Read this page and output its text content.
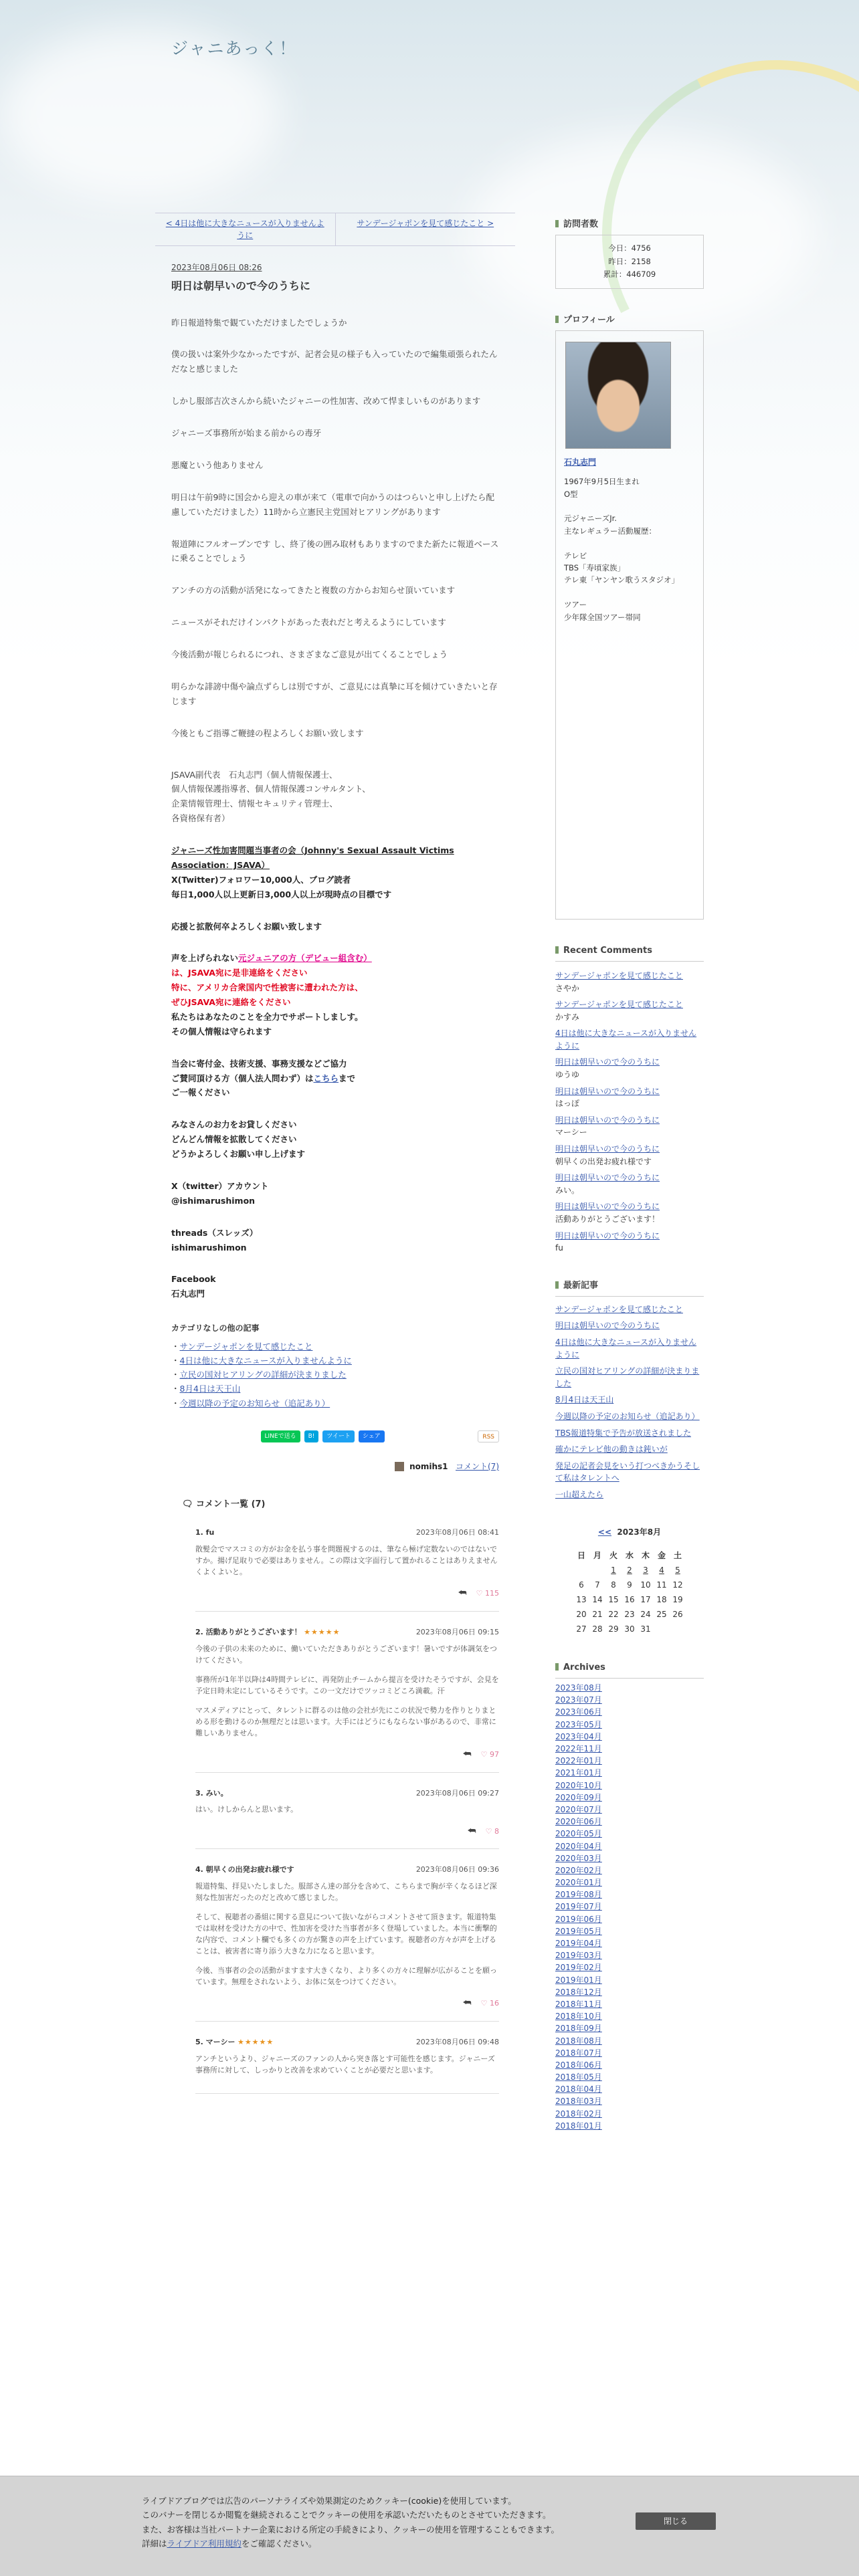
ジャニあっく！
< 4日は他に大きなニュースが入りませんように
サンデージャポンを見て感じたこと >
2023年08月06日 08:26
明日は朝早いので今のうちに

昨日報道特集で観ていただけましたでしょうか

僕の扱いは案外少なかったですが、記者会見の様子も入っていたので編集頑張られたんだなと感じました

しかし服部吉次さんから続いたジャニーの性加害、改めて悍ましいものがあります

ジャニーズ事務所が始まる前からの毒牙

悪魔という他ありません

明日は午前9時に国会から迎えの車が来て（電車で向かうのはつらいと申し上げたら配慮していただけました）11時から立憲民主党国対ヒアリングがあります

報道陣にフルオープンです し、終了後の囲み取材もありますのでまた新たに報道ベースに乗ることでしょう

アンチの方の活動が活発になってきたと複数の方からお知らせ頂いています

ニュースがそれだけインパクトがあった表れだと考えるようにしています

今後活動が報じられるにつれ、さまざまなご意見が出てくることでしょう

明らかな誹謗中傷や論点ずらしは別ですが、ご意見には真摯に耳を傾けていきたいと存じます

今後ともご指導ご鞭撻の程よろしくお願い致します

JSAVA副代表　石丸志門（個人情報保護士、
個人情報保護指導者、個人情報保護コンサルタント、
企業情報管理士、情報セキュリティ管理士、
各資格保有者）

ジャニーズ性加害問題当事者の会（Johnny's Sexual Assault Victims Association：JSAVA）
X(Twitter)フォロワー10,000人、ブログ読者
毎日1,000人以上更新日3,000人以上が現時点の目標です

応援と拡散何卒よろしくお願い致します

声を上げられない元ジュニアの方（デビュー組含む）
は、JSAVA宛に是非連絡をください
特に、アメリカ合衆国内で性被害に遭われた方は、
ぜひJSAVA宛に連絡をください
私たちはあなたのことを全力でサポートしましす。
その個人情報は守られます

当会に寄付金、技術支援、事務支援などご協力
ご賛同頂ける方（個人法人問わず）はこちらまで
ご一報ください

みなさんのお力をお貸しください
どんどん情報を拡散してください
どうかよろしくお願い申し上げます

X（twitter）アカウント
@ishimarushimon

threads（スレッズ）
ishimarushimon

Facebook
石丸志門

カテゴリなしの他の記事
・ サンデージャポンを見て感じたこと
・ 4日は他に大きなニュースが入りませんように
・ 立民の国対ヒアリングの詳細が決まりました
・ 8月4日は天王山
・ 今週以降の予定のお知らせ（追記あり）
LINEで送る	B!	ツイート	シェア	RSS
nomihs1 コメント(7)
🗨 コメント一覧 (7)
1. fu	2023年08月06日 08:41

散髪会でマスコミの方がお金を払う事を問題視するのは、筆なら極げ定数ないのではないですか。揚げ足取りで必要はありません。この際は文字面行して置かれることはありえませんくよくよいと。

⮪ ♡ 115
2. 活動ありがとうございます！ ★★★★★	2023年08月06日 09:15

今後の子供の未来のために、働いていただきありがとうございます！暑いですが体調気をつけてください。

事務所が1年半以降は4時間テレビに、再発防止チームから提言を受けたそうですが、会見を予定日時未定にしているそうです。この一文だけでツッコミどころ満載。汗

マスメディアにとって、タレントに群るのは他の会社が先にこの状況で勢力を作りとりまとめる形を動けるのか無理だとは思います。大手にはどうにもならない事があるので、非常に難しいありません。

⮪ ♡ 97
3. みい。	2023年08月06日 09:27

はい。けしからんと思います。

⮪ ♡ 8
4. 朝早くの出発お疲れ様です	2023年08月06日 09:36

報道特集、拝見いたしました。服部さん達の部分を含めて、こちらまで胸が辛くなるほど深刻な性加害だったのだと改めて感じました。

そして、視聴者の番組に関する意見について抜いながらコメントさせて頂きます。報道特集では取材を受けた方の中で、性加害を受けた当事者が多く登場していました。本当に衝撃的な内容で、コメント欄でも多くの方が驚きの声を上げています。視聴者の方々が声を上げることは、被害者に寄り添う大きな力になると思います。

今後、当事者の会の活動がますます大きくなり、より多くの方々に理解が広がることを願っています。無理をされないよう、お体に気をつけてください。

⮪ ♡ 16
5. マーシー ★★★★★	2023年08月06日 09:48

アンチというより、ジャニーズのファンの人から突き落とす可能性を感じます。ジャニーズ事務所に対して、しっかりと改善を求めていくことが必要だと思います。

訪問者数
今日：4756
昨日：2158
累計：446709
プロフィール
石丸志門
1967年9月5日生まれ
O型

元ジャニーズJr.
主なレギュラー活動履歴：

テレビ
TBS「寿頃家族」
テレ東「ヤンヤン歌うスタジオ」

ツアー
少年隊全国ツアー帯同
Recent Comments
サンデージャポンを見て感じたこと
さやか
サンデージャポンを見て感じたこと
かすみ
4日は他に大きなニュースが入りませんように

明日は朝早いので今のうちに
ゆうゆ
明日は朝早いので今のうちに
はっぽ
明日は朝早いので今のうちに
マーシー
明日は朝早いので今のうちに
朝早くの出発お疲れ様です
明日は朝早いので今のうちに
みい。
明日は朝早いので今のうちに
活動ありがとうございます！
明日は朝早いので今のうちに
fu
最新記事
サンデージャポンを見て感じたこと
明日は朝早いので今のうちに
4日は他に大きなニュースが入りませんように
立民の国対ヒアリングの詳細が決まりました
8月4日は天王山
今週以降の予定のお知らせ（追記あり）
TBS報道特集で予告が放送されました
確かにテレビ他の動きは鈍いが
発足の記者会見をいう打つべきかうそして私はタレントへ
一山超えたら
<< 2023年8月
日	月	火	水	木	金	土
		1	2	3	4	5
6	7	8	9	10	11	12
13	14	15	16	17	18	19
20	21	22	23	24	25	26
27	28	29	30	31		
Archives
2023年08月
2023年07月
2023年06月
2023年05月
2023年04月
2022年11月
2022年01月
2021年01月
2020年10月
2020年09月
2020年07月
2020年06月
2020年05月
2020年04月
2020年03月
2020年02月
2020年01月
2019年08月
2019年07月
2019年06月
2019年05月
2019年04月
2019年03月
2019年02月
2019年01月
2018年12月
2018年11月
2018年10月
2018年09月
2018年08月
2018年07月
2018年06月
2018年05月
2018年04月
2018年03月
2018年02月
2018年01月
ライブドアブログでは広告のパーソナライズや効果測定のためクッキー(cookie)を使用しています。
このバナーを閉じるか閲覧を継続されることでクッキーの使用を承認いただいたものとさせていただきます。
また、お客様は当社パートナー企業における所定の手続きにより、クッキーの使用を管理することもできます。
詳細はライブドア利用規約をご確認ください。
閉じる
